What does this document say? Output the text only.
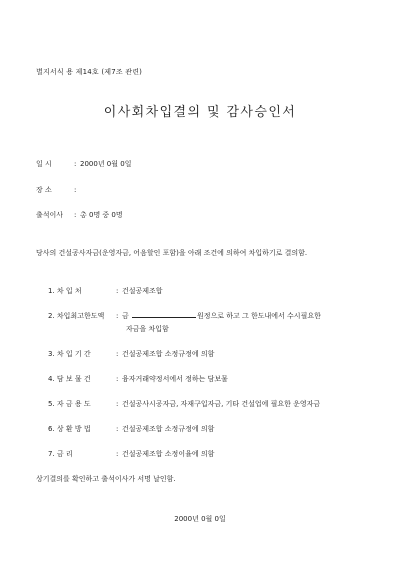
별지서식 용 제14호 (제7조 관련)
이사회차입결의 및 감사승인서
일 시	: 2000년 0월 0일
장 소	:
출석이사 : 총 0명 중 0명
당사의 건설공사자금(운영자금, 어음할인 포함)을 아래 조건에 의하여 차입하기로 결의함.
1. 차 입 처	: 건설공제조합
2. 차입최고한도액 : 금	원정으로 하고 그 한도내에서 수시필요한
자금을 차입함
3. 차 입 기 간	: 건설공제조합 소정규정에 의함
4. 담 보 물 건	: 융자거래약정서에서 정하는 담보물
5. 자 금 용 도	: 건설공사시공자금, 자재구입자금, 기타 건설업에 필요한 운영자금
6. 상 환 방 법	: 건설공제조합 소정규정에 의함
7. 금 리	: 건설공제조합 소정이율에 의함
상기결의를 확인하고 출석이사가 서명 날인함.
2000년 0월 0일
